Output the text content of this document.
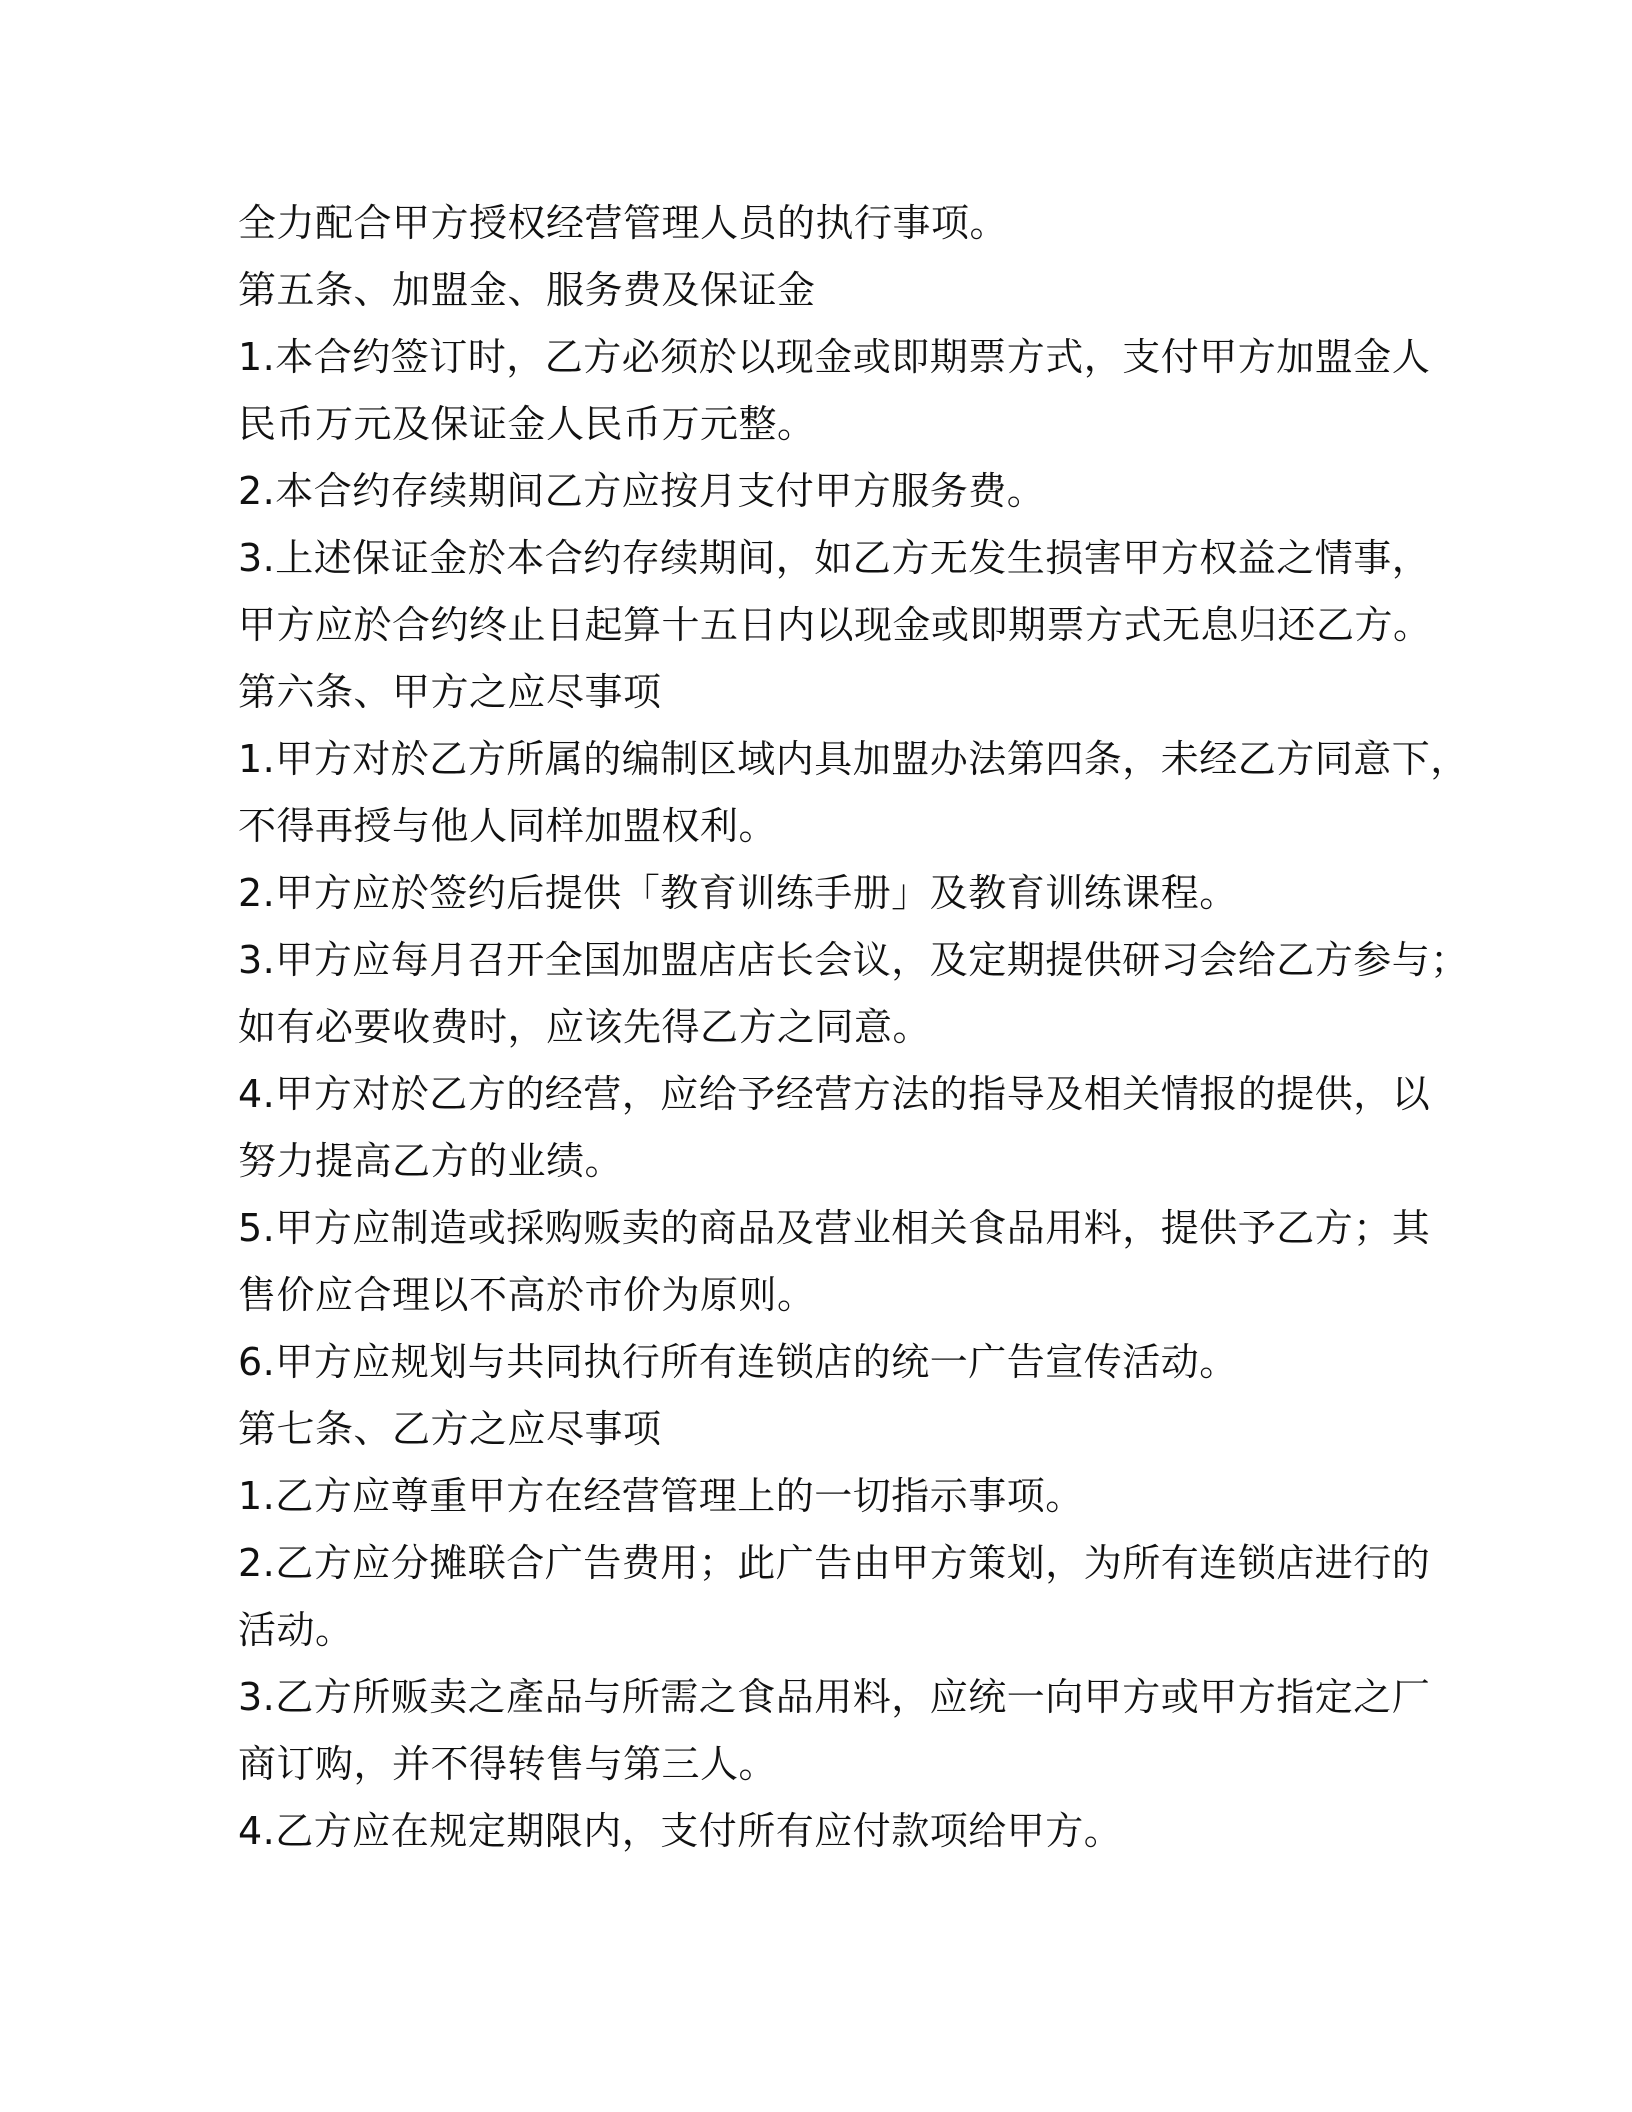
全力配合甲方授权经营管理人员的执行事项。
第五条、加盟金、服务费及保证金
1.本合约签订时，乙方必须於以现金或即期票方式，支付甲方加盟金人
民币万元及保证金人民币万元整。
2.本合约存续期间乙方应按月支付甲方服务费。
3.上述保证金於本合约存续期间，如乙方无发生损害甲方权益之情事，
甲方应於合约终止日起算十五日内以现金或即期票方式无息归还乙方。
第六条、甲方之应尽事项
1.甲方对於乙方所属的编制区域内具加盟办法第四条，未经乙方同意下，
不得再授与他人同样加盟权利。
2.甲方应於签约后提供「教育训练手册」及教育训练课程。
3.甲方应每月召开全国加盟店店长会议，及定期提供研习会给乙方参与；
如有必要收费时，应该先得乙方之同意。
4.甲方对於乙方的经营，应给予经营方法的指导及相关情报的提供，以
努力提高乙方的业绩。
5.甲方应制造或採购贩卖的商品及营业相关食品用料，提供予乙方；其
售价应合理以不高於市价为原则。
6.甲方应规划与共同执行所有连锁店的统一广告宣传活动。
第七条、乙方之应尽事项
1.乙方应尊重甲方在经营管理上的一切指示事项。
2.乙方应分摊联合广告费用；此广告由甲方策划，为所有连锁店进行的
活动。
3.乙方所贩卖之產品与所需之食品用料，应统一向甲方或甲方指定之厂
商订购，并不得转售与第三人。
4.乙方应在规定期限内，支付所有应付款项给甲方。
